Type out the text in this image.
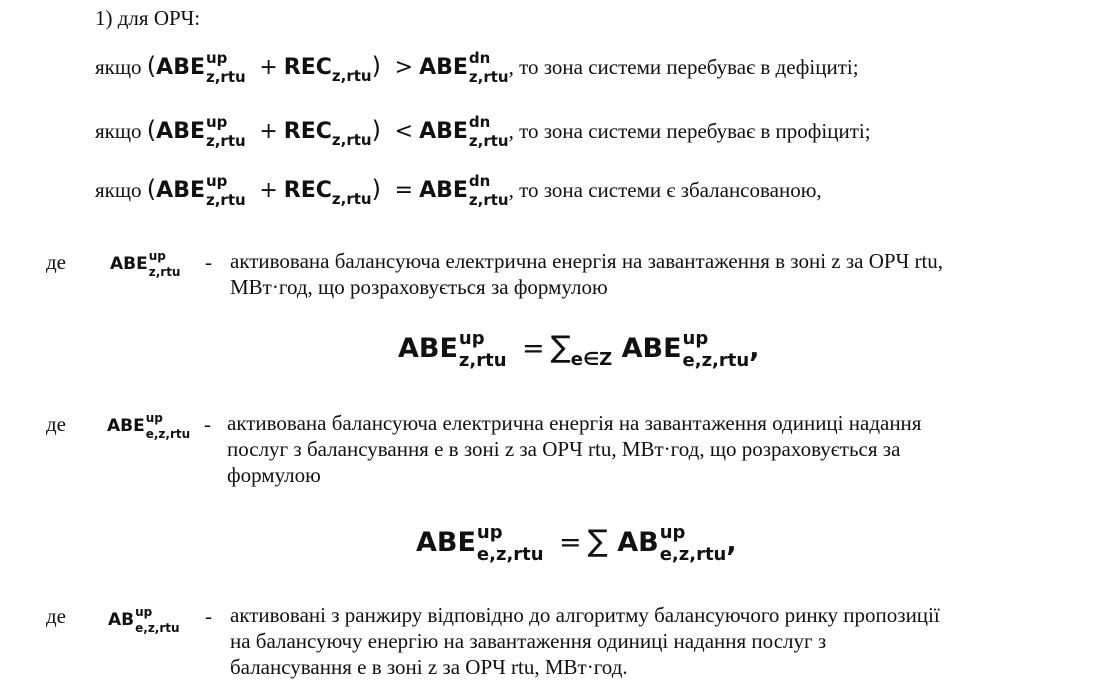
1) для ОРЧ:
якщо (ABE up
$z,rtu + REC_{z,rtu}$) > ABE dn
z,rtu , то зона системи перебуває в дефіциті;
якщо (ABE up
$z,rtu + REC_{z,rtu}$) < ABE dn
z,rtu , то зона системи перебуває в профіциті;
якщо (ABE up
$z,rtu + REC_{z,rtu}$) = ABE dn
z,rtu , то зона системи є збалансованою,
де	ABE up
z,rtu - активована балансуюча електрична енергія на завантаження в зоні z за ОРЧ rtu,
МВт·год, що розраховується за формулою
ABE up
$z,rtu = \sum_{e\in Z}$ ABE up
e,z,rtu ,
де ABE up
e,z,rtu - активована балансуюча електрична енергія на завантаження одиниці надання
послуг з балансування e в зоні z за ОРЧ rtu, МВт·год, що розраховується за
формулою
ABE up
e,z,rtu = ∑ AB up
e,z,rtu ,
де AB up
e,z,rtu - активовані з ранжиру відповідно до алгоритму балансуючого ринку пропозиції
на балансуючу енергію на завантаження одиниці надання послуг з
балансування e в зоні z за ОРЧ rtu, МВт·год.
